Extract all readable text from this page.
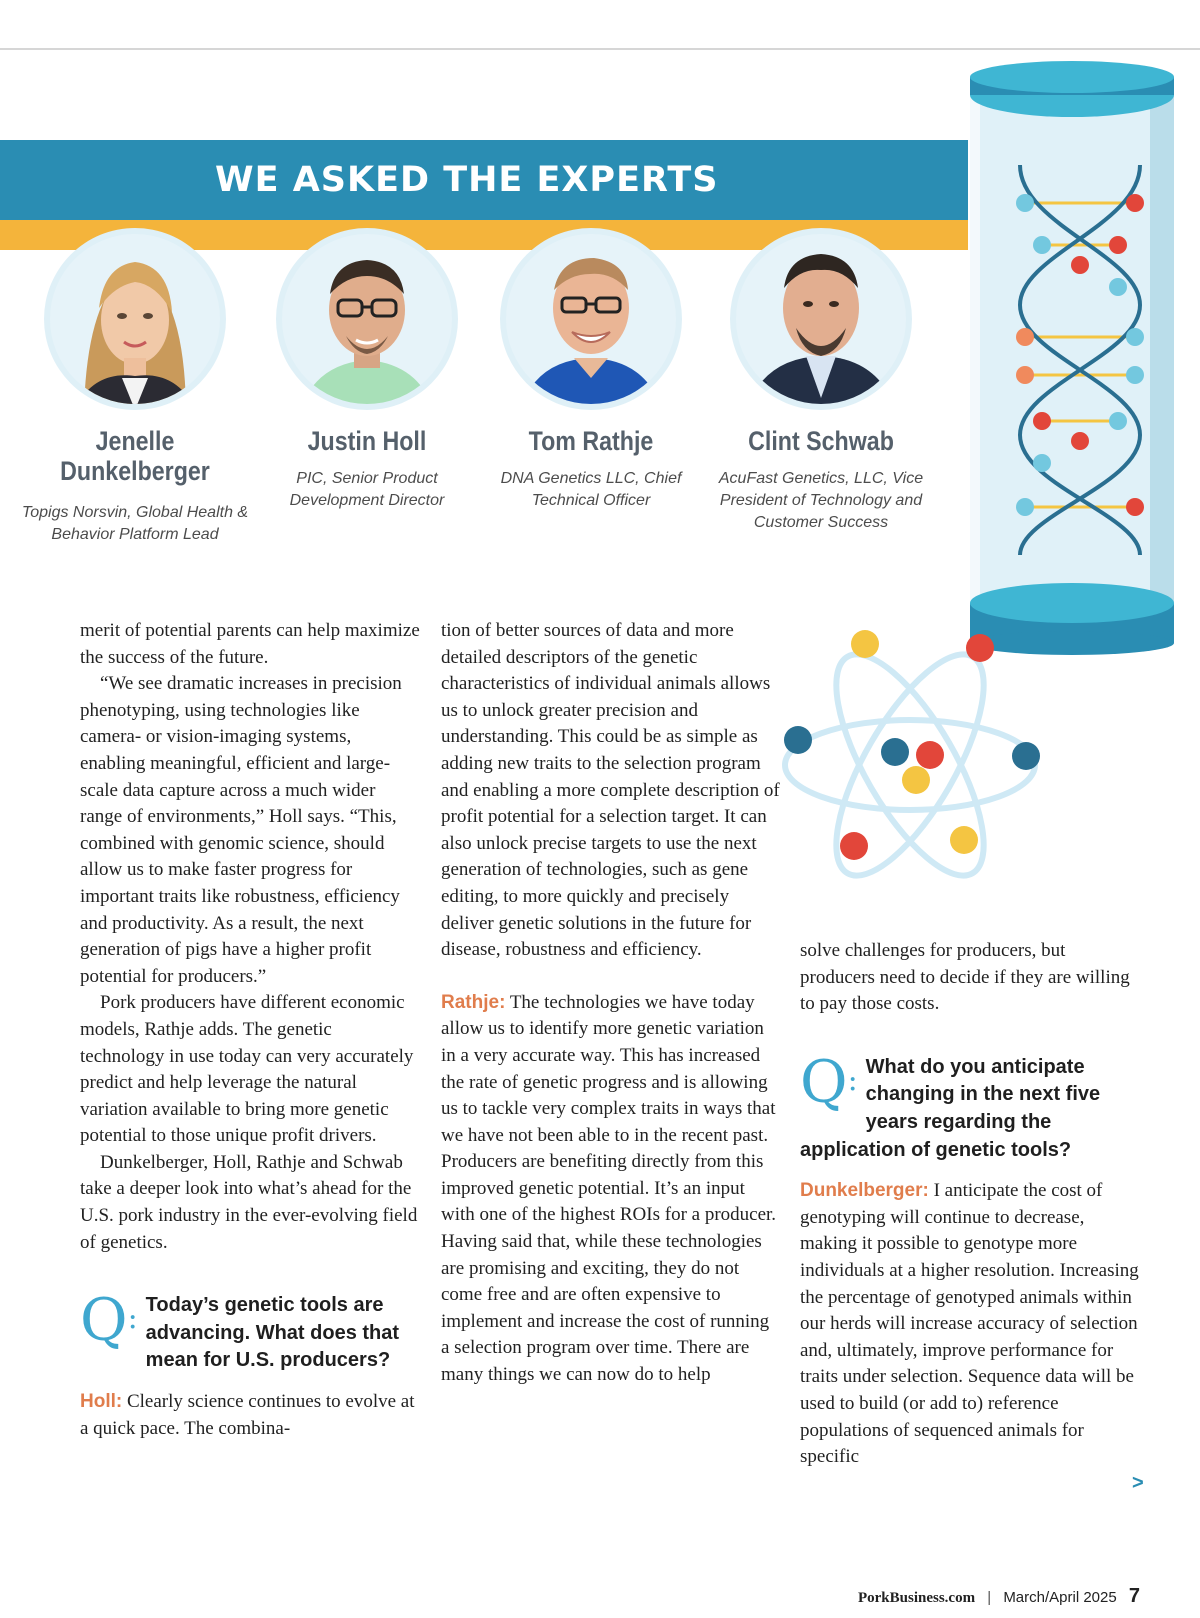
WE ASKED THE EXPERTS
Jenelle Dunkelberger
Topigs Norsvin, Global Health & Behavior Platform Lead
Justin Holl
PIC, Senior Product Development Director
Tom Rathje
DNA Genetics LLC, Chief Technical Officer
Clint Schwab
AcuFast Genetics, LLC, Vice President of Technology and Customer Success

merit of potential parents can help maximize the success of the future.

“We see dramatic increases in precision phenotyping, using technologies like camera- or vision-imaging systems, enabling meaningful, efficient and large-scale data capture across a much wider range of environments,” Holl says. “This, combined with genomic science, should allow us to make faster progress for important traits like robustness, efficiency and productivity. As a result, the next generation of pigs have a higher profit potential for producers.”

Pork producers have different economic models, Rathje adds. The genetic technology in use today can very accurately predict and help leverage the natural variation available to bring more genetic potential to those unique profit drivers.

Dunkelberger, Holl, Rathje and Schwab take a deeper look into what’s ahead for the U.S. pork industry in the ever-evolving field of genetics.

Q: Today’s genetic tools are advancing. What does that mean for U.S. producers?

Holl: Clearly science continues to evolve at a quick pace. The combina-

tion of better sources of data and more detailed descriptors of the genetic characteristics of individual animals allows us to unlock greater precision and understanding. This could be as simple as adding new traits to the selection program and enabling a more complete description of profit potential for a selection target. It can also unlock precise targets to use the next generation of technologies, such as gene editing, to more quickly and precisely deliver genetic solutions in the future for disease, robustness and efficiency.

Rathje: The technologies we have today allow us to identify more genetic variation in a very accurate way. This has increased the rate of genetic progress and is allowing us to tackle very complex traits in ways that we have not been able to in the recent past. Producers are benefiting directly from this improved genetic potential. It’s an input with one of the highest ROIs for a producer. Having said that, while these technologies are promising and exciting, they do not come free and are often expensive to implement and increase the cost of running a selection program over time. There are many things we can now do to help

solve challenges for producers, but producers need to decide if they are willing to pay those costs.

Q: What do you anticipate changing in the next five years regarding the application of genetic tools?

Dunkelberger: I anticipate the cost of genotyping will continue to decrease, making it possible to genotype more individuals at a higher resolution. Increasing the percentage of genotyped animals within our herds will increase accuracy of selection and, ultimately, improve performance for traits under selection. Sequence data will be used to build (or add to) reference populations of sequenced animals for specific

>
PorkBusiness.com | March/April 2025 7
